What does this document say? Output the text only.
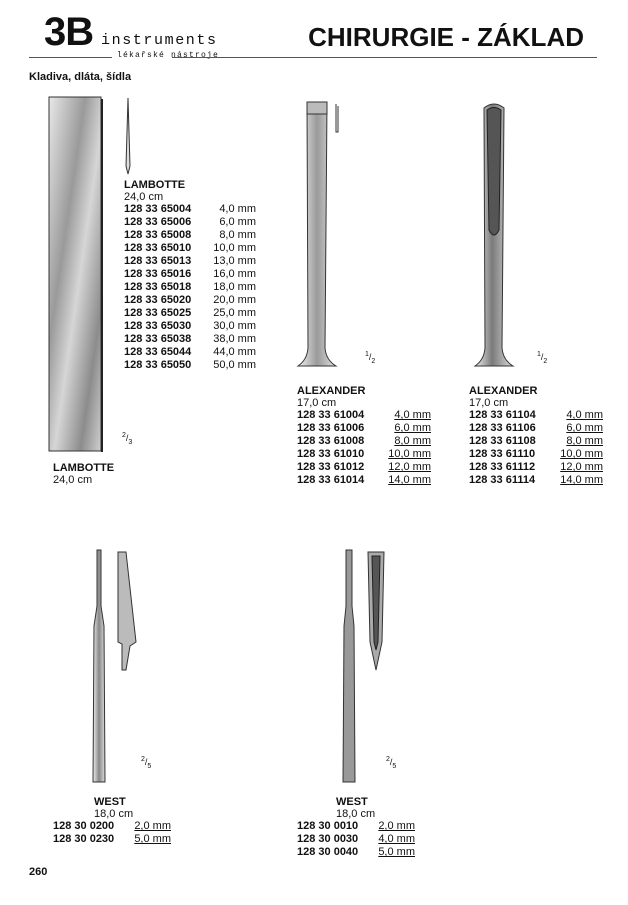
3B instruments
lékařské nástroje
CHIRURGIE - ZÁKLAD
Kladiva, dláta, šídla
LAMBOTTE
24,0 cm
128 33 65004	4,0 mm
128 33 65006	6,0 mm
128 33 65008	8,0 mm
128 33 65010	10,0 mm
128 33 65013	13,0 mm
128 33 65016	16,0 mm
128 33 65018	18,0 mm
128 33 65020	20,0 mm
128 33 65025	25,0 mm
128 33 65030	30,0 mm
128 33 65038	38,0 mm
128 33 65044	44,0 mm
128 33 65050	50,0 mm
$^2/_3$
LAMBOTTE
24,0 cm
$^1/_2$
ALEXANDER
17,0 cm
128 33 61004	4,0 mm
128 33 61006	6,0 mm
128 33 61008	8,0 mm
128 33 61010	10,0 mm
128 33 61012	12,0 mm
128 33 61014	14,0 mm
$^1/_2$
ALEXANDER
17,0 cm
128 33 61104	4,0 mm
128 33 61106	6,0 mm
128 33 61108	8,0 mm
128 33 61110	10,0 mm
128 33 61112	12,0 mm
128 33 61114	14,0 mm
$^2/_5$
WEST
18,0 cm
128 30 0200	2,0 mm
128 30 0230	5,0 mm
$^2/_5$
WEST
18,0 cm
128 30 0010	2,0 mm
128 30 0030	4,0 mm
128 30 0040	5,0 mm
260
